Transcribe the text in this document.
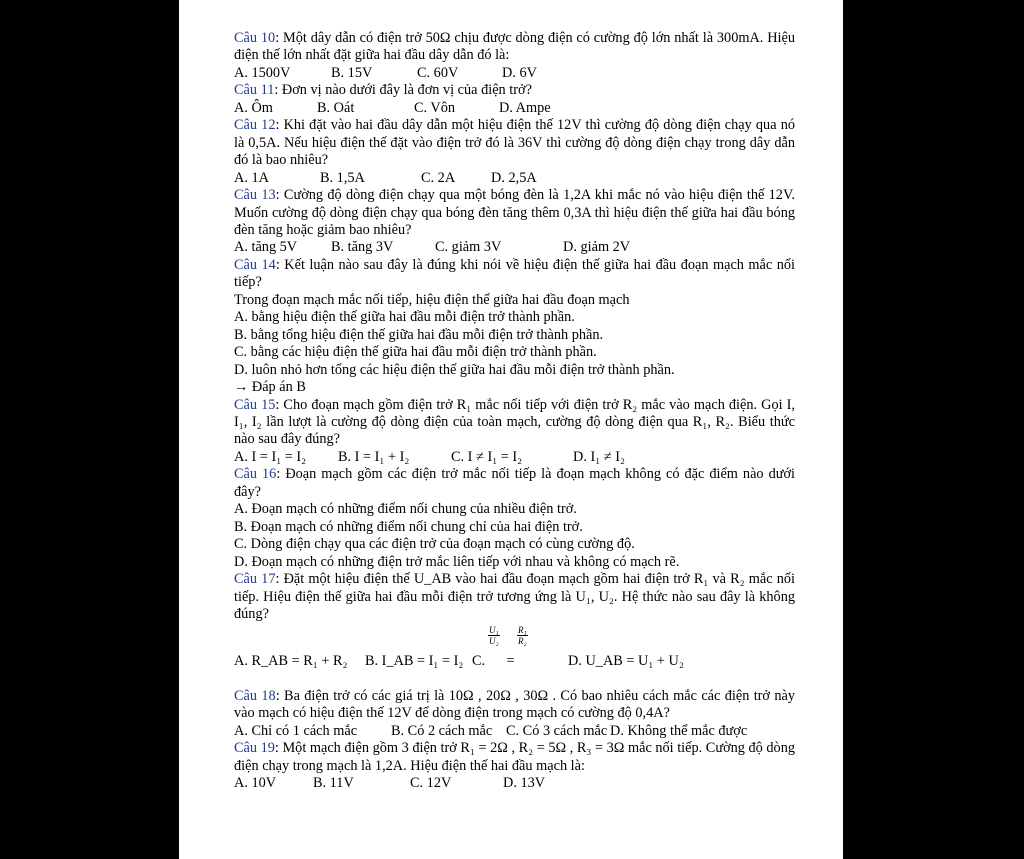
Câu 10: Một dây dẫn có điện trở 50Ω chịu được dòng điện có cường độ lớn nhất là 300mA. Hiệu điện thế lớn nhất đặt giữa hai đầu dây dẫn đó là:
A. 1500V	B. 15V	C. 60V	D. 6V
Câu 11: Đơn vị nào dưới đây là đơn vị của điện trở?
A. Ôm	B. Oát	C. Vôn	D. Ampe
Câu 12: Khi đặt vào hai đầu dây dẫn một hiệu điện thế 12V thì cường độ dòng điện chạy qua nó là 0,5A. Nếu hiệu điện thế đặt vào điện trở đó là 36V thì cường độ dòng điện chạy trong dây dẫn đó là bao nhiêu?
A. 1A	B. 1,5A	C. 2A	D. 2,5A
Câu 13: Cường độ dòng điện chạy qua một bóng đèn là 1,2A khi mắc nó vào hiệu điện thế 12V. Muốn cường độ dòng điện chạy qua bóng đèn tăng thêm 0,3A thì hiệu điện thế giữa hai đầu bóng đèn tăng hoặc giảm bao nhiêu?
A. tăng 5V	B. tăng 3V	C. giảm 3V	D. giảm 2V
Câu 14: Kết luận nào sau đây là đúng khi nói về hiệu điện thế giữa hai đầu đoạn mạch mắc nối tiếp?
Trong đoạn mạch mắc nối tiếp, hiệu điện thế giữa hai đầu đoạn mạch
A. bằng hiệu điện thế giữa hai đầu mỗi điện trở thành phần.
B. bằng tổng hiệu điện thế giữa hai đầu mỗi điện trở thành phần.
C. bằng các hiệu điện thế giữa hai đầu mỗi điện trở thành phần.
D. luôn nhỏ hơn tổng các hiệu điện thế giữa hai đầu mỗi điện trở thành phần.
→ Đáp án B
Câu 15: Cho đoạn mạch gồm điện trở R₁ mắc nối tiếp với điện trở R₂ mắc vào mạch điện. Gọi I, I₁, I₂ lần lượt là cường độ dòng điện của toàn mạch, cường độ dòng điện qua R₁, R₂. Biểu thức nào sau đây đúng?
A. I = I₁ = I₂	B. I = I₁ + I₂	C. I ≠ I₁ = I₂	D. I₁ ≠ I₂
Câu 16: Đoạn mạch gồm các điện trở mắc nối tiếp là đoạn mạch không có đặc điểm nào dưới đây?
A. Đoạn mạch có những điểm nối chung của nhiều điện trở.
B. Đoạn mạch có những điểm nối chung chỉ của hai điện trở.
C. Dòng điện chạy qua các điện trở của đoạn mạch có cùng cường độ.
D. Đoạn mạch có những điện trở mắc liên tiếp với nhau và không có mạch rẽ.
Câu 17: Đặt một hiệu điện thế U_AB vào hai đầu đoạn mạch gồm hai điện trở R₁ và R₂ mắc nối tiếp. Hiệu điện thế giữa hai đầu mỗi điện trở tương ứng là U₁, U₂. Hệ thức nào sau đây là không đúng?
$\frac{\text{U₁}}{\text{U₂}} \frac{\text{R₁}}{\text{R₂}}$
A. R_AB = R₁ + R₂	B. I_AB = I₁ = I₂ C.      =	D. U_AB = U₁ + U₂
Câu 18: Ba điện trở có các giá trị là 10Ω , 20Ω , 30Ω . Có bao nhiêu cách mắc các điện trở này vào mạch có hiệu điện thế 12V để dòng điện trong mạch có cường độ 0,4A?
A. Chỉ có 1 cách mắc	B. Có 2 cách mắc C. Có 3 cách mắc D. Không thể mắc được
Câu 19: Một mạch điện gồm 3 điện trở R₁ = 2Ω , R₂ = 5Ω , R₃ = 3Ω mắc nối tiếp. Cường độ dòng điện chạy trong mạch là 1,2A. Hiệu điện thế hai đầu mạch là:
A. 10V	B. 11V	C. 12V	D. 13V
